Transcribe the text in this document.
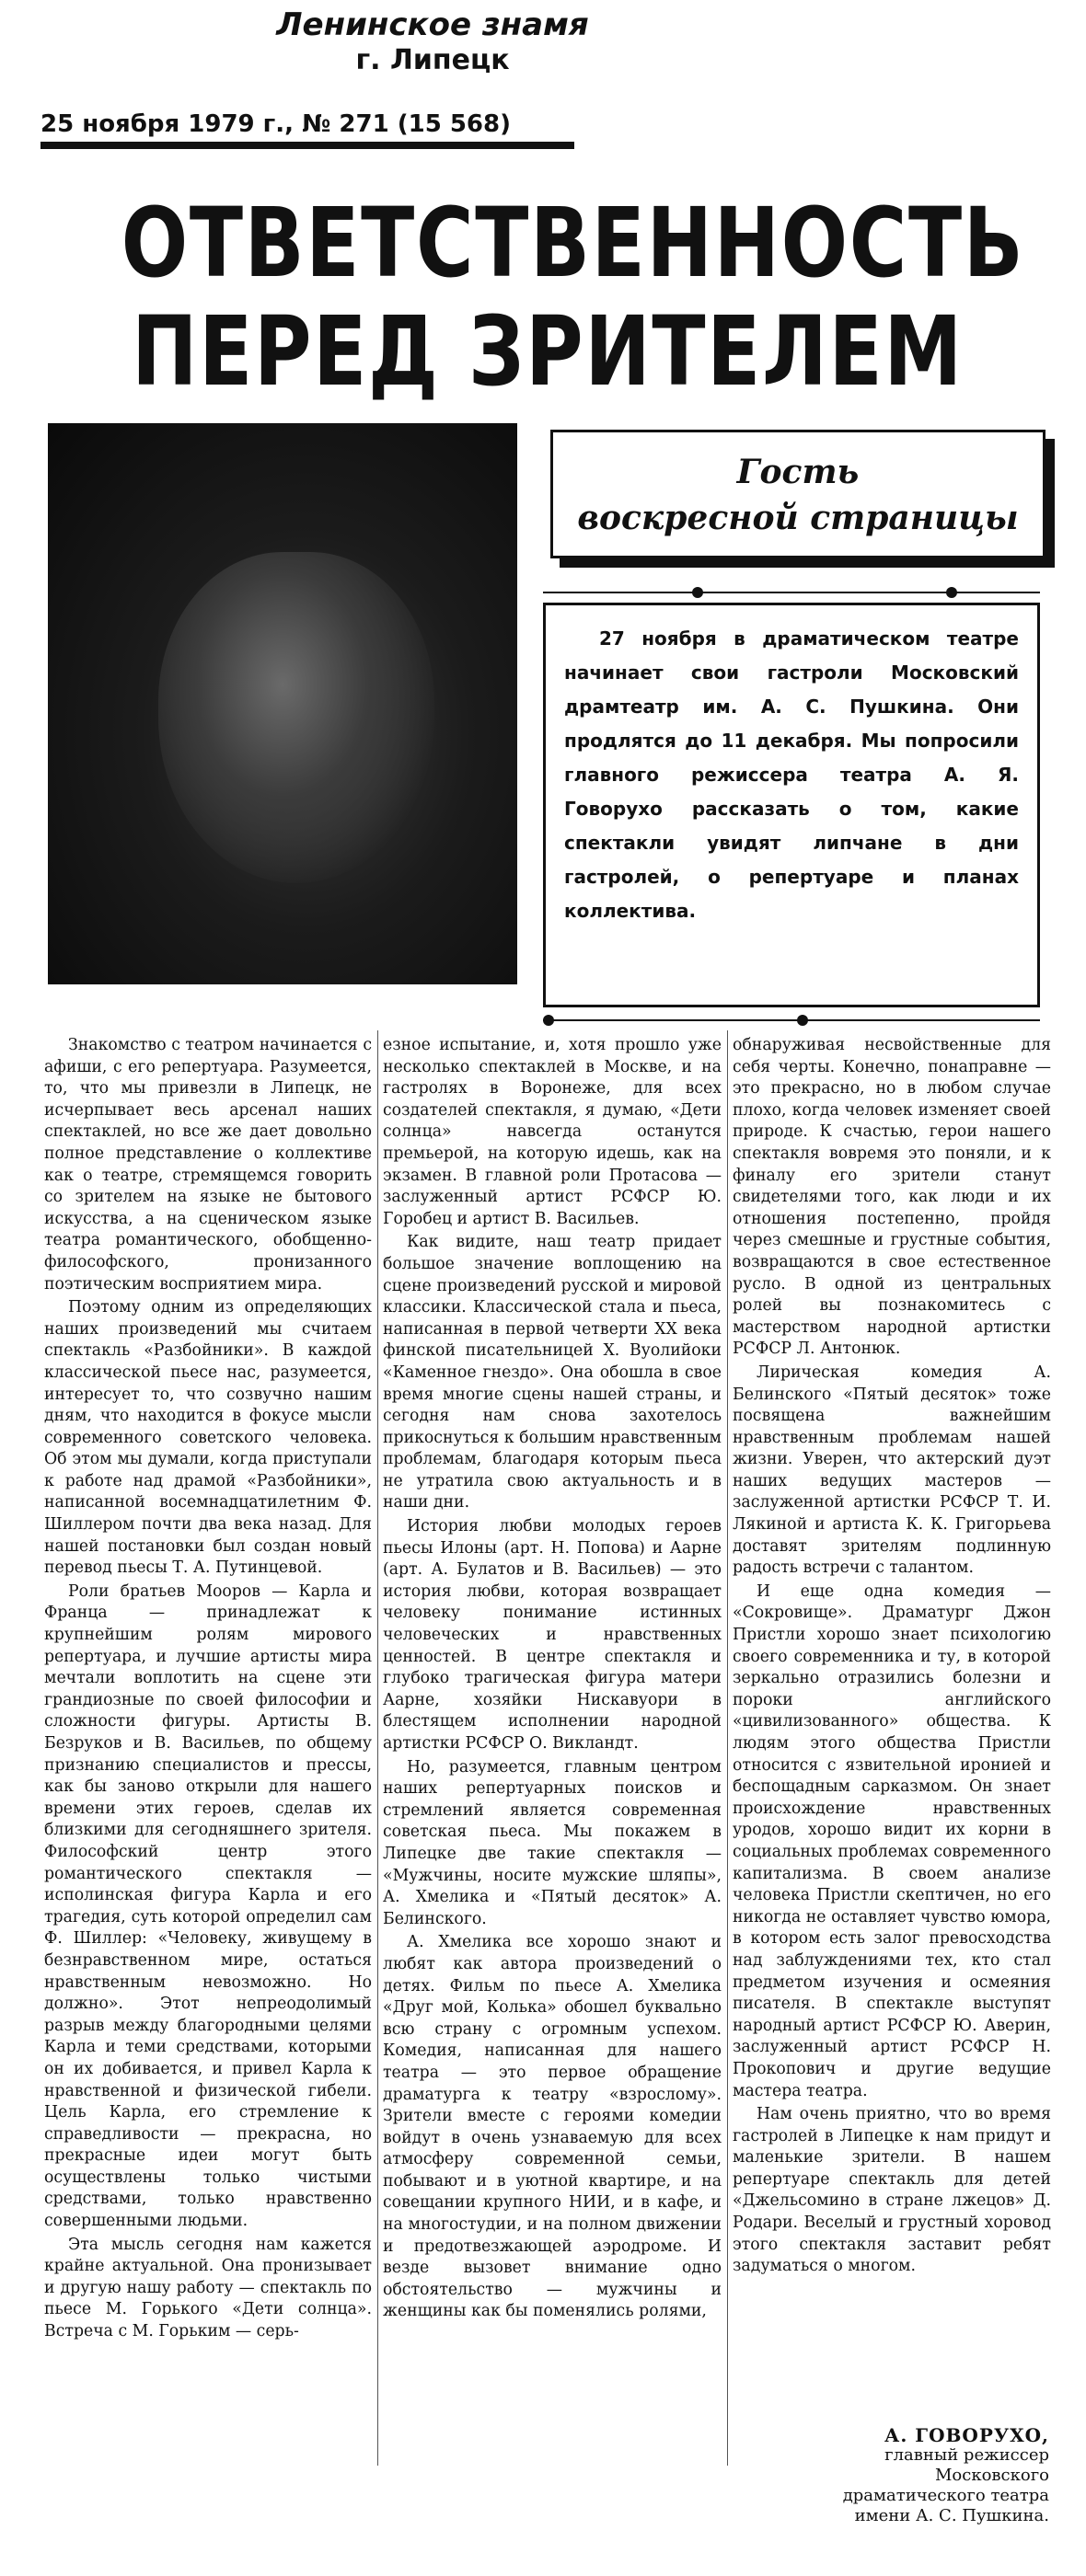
Ленинское знамя
г. Липецк
25 ноября 1979 г., № 271 (15 568)
ОТВЕТСТВЕННОСТЬ
ПЕРЕД ЗРИТЕЛЕМ
Гость
воскресной страницы
27 ноября в драматическом театре начинает свои гастроли Московский драмтеатр им. А. С. Пушкина. Они продлятся до 11 декабря. Мы попросили главного режиссера театра А. Я. Говорухо рассказать о том, какие спектакли увидят липчане в дни гастролей, о репертуаре и планах коллектива.

Знакомство с театром начинается с афиши, с его репертуара. Разумеется, то, что мы привезли в Липецк, не исчерпывает весь арсенал наших спектаклей, но все же дает довольно полное представление о коллективе как о театре, стремящемся говорить со зрителем на языке не бытового искусства, а на сценическом языке театра романтического, обобщенно-философского, пронизанного поэтическим восприятием мира.

Поэтому одним из определяющих наших произведений мы считаем спектакль «Разбойники». В каждой классической пьесе нас, разумеется, интересует то, что созвучно нашим дням, что находится в фокусе мысли современного советского человека. Об этом мы думали, когда приступали к работе над драмой «Разбойники», написанной восемнадцатилетним Ф. Шиллером почти два века назад. Для нашей постановки был создан новый перевод пьесы Т. А. Путинцевой.

Роли братьев Мооров — Карла и Франца — принадлежат к крупнейшим ролям мирового репертуара, и лучшие артисты мира мечтали воплотить на сцене эти грандиозные по своей философии и сложности фигуры. Артисты В. Безруков и В. Васильев, по общему признанию специалистов и прессы, как бы заново открыли для нашего времени этих героев, сделав их близкими для сегодняшнего зрителя. Философский центр этого романтического спектакля — исполинская фигура Карла и его трагедия, суть которой определил сам Ф. Шиллер: «Человеку, живущему в безнравственном мире, остаться нравственным невозможно. Но должно». Этот непреодолимый разрыв между благородными целями Карла и теми средствами, которыми он их добивается, и привел Карла к нравственной и физической гибели. Цель Карла, его стремление к справедливости — прекрасна, но прекрасные идеи могут быть осуществлены только чистыми средствами, только нравственно совершенными людьми.

Эта мысль сегодня нам кажется крайне актуальной. Она пронизывает и другую нашу работу — спектакль по пьесе М. Горького «Дети солнца». Встреча с М. Горьким — серь-

езное испытание, и, хотя прошло уже несколько спектаклей в Москве, и на гастролях в Воронеже, для всех создателей спектакля, я думаю, «Дети солнца» навсегда останутся премьерой, на которую идешь, как на экзамен. В главной роли Протасова — заслуженный артист РСФСР Ю. Горобец и артист В. Васильев.

Как видите, наш театр придает большое значение воплощению на сцене произведений русской и мировой классики. Классической стала и пьеса, написанная в первой четверти XX века финской писательницей X. Вуолийоки «Каменное гнездо». Она обошла в свое время многие сцены нашей страны, и сегодня нам снова захотелось прикоснуться к большим нравственным проблемам, благодаря которым пьеса не утратила свою актуальность и в наши дни.

История любви молодых героев пьесы Илоны (арт. Н. Попова) и Аарне (арт. А. Булатов и В. Васильев) — это история любви, которая возвращает человеку понимание истинных человеческих и нравственных ценностей. В центре спектакля и глубоко трагическая фигура матери Аарне, хозяйки Нискавуори в блестящем исполнении народной артистки РСФСР О. Викландт.

Но, разумеется, главным центром наших репертуарных поисков и стремлений является современная советская пьеса. Мы покажем в Липецке две такие спектакля — «Мужчины, носите мужские шляпы», А. Хмелика и «Пятый десяток» А. Белинского.

А. Хмелика все хорошо знают и любят как автора произведений о детях. Фильм по пьесе А. Хмелика «Друг мой, Колька» обошел буквально всю страну с огромным успехом. Комедия, написанная для нашего театра — это первое обращение драматурга к театру «взрослому». Зрители вместе с героями комедии войдут в очень узнаваемую для всех атмосферу современной семьи, побывают и в уютной квартире, и на совещании крупного НИИ, и в кафе, и на многостудии, и на полном движении и предотвезжающей аэродроме. И везде вызовет внимание одно обстоятельство — мужчины и женщины как бы поменялись ролями,

обнаруживая несвойственные для себя черты. Конечно, понаправне — это прекрасно, но в любом случае плохо, когда человек изменяет своей природе. К счастью, герои нашего спектакля вовремя это поняли, и к финалу его зрители станут свидетелями того, как люди и их отношения постепенно, пройдя через смешные и грустные события, возвращаются в свое естественное русло. В одной из центральных ролей вы познакомитесь с мастерством народной артистки РСФСР Л. Антонюк.

Лирическая комедия А. Белинского «Пятый десяток» тоже посвящена важнейшим нравственным проблемам нашей жизни. Уверен, что актерский дуэт наших ведущих мастеров — заслуженной артистки РСФСР Т. И. Лякиной и артиста К. К. Григорьева доставят зрителям подлинную радость встречи с талантом.

И еще одна комедия — «Сокровище». Драматург Джон Пристли хорошо знает психологию своего современника и ту, в которой зеркально отразились болезни и пороки английского «цивилизованного» общества. К людям этого общества Пристли относится с язвительной иронией и беспощадным сарказмом. Он знает происхождение нравственных уродов, хорошо видит их корни в социальных проблемах современного капитализма. В своем анализе человека Пристли скептичен, но его никогда не оставляет чувство юмора, в котором есть залог превосходства над заблуждениями тех, кто стал предметом изучения и осмеяния писателя. В спектакле выступят народный артист РСФСР Ю. Аверин, заслуженный артист РСФСР Н. Прокопович и другие ведущие мастера театра.

Нам очень приятно, что во время гастролей в Липецке к нам придут и маленькие зрители. В нашем репертуаре спектакль для детей «Джельсомино в стране лжецов» Д. Родари. Веселый и грустный хоровод этого спектакля заставит ребят задуматься о многом.

А. ГОВОРУХО,
главный режиссер
Московского драматического театра
имени А. С. Пушкина.
